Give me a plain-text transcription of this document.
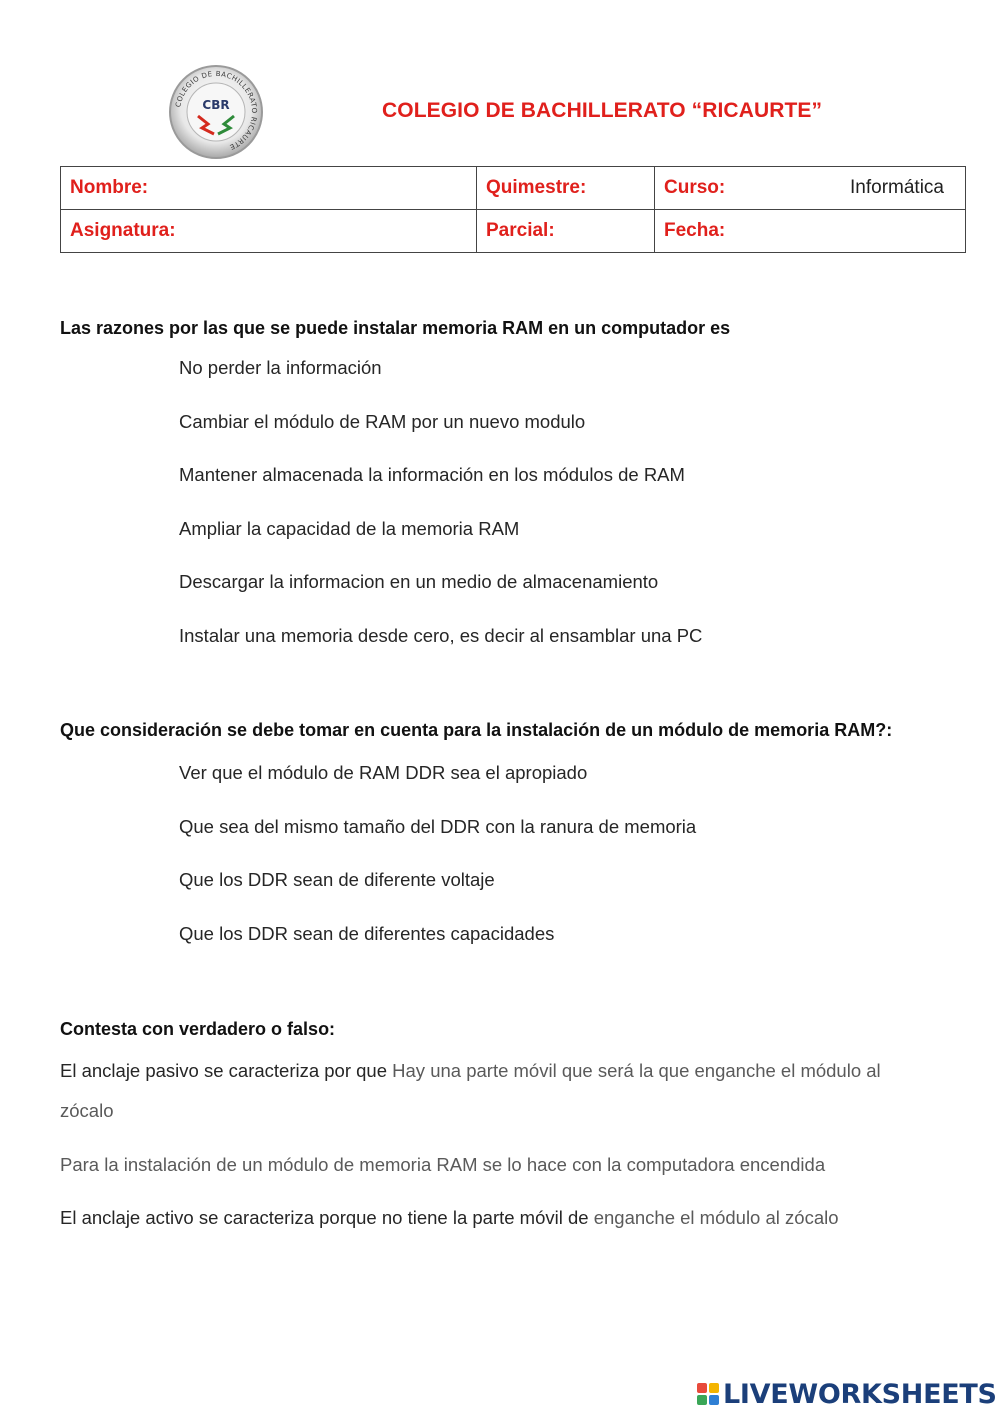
COLEGIO DE BACHILLERATO RICAURTE
CBR	COLEGIO DE BACHILLERATO “RICAURTE”
Nombre:	Quimestre:	Curso: Informática

Asignatura:	Parcial:	Fecha:
Las razones por las que se puede instalar memoria RAM en un computador es
No perder la información
Cambiar el módulo de RAM por un nuevo modulo
Mantener almacenada la información en los módulos de RAM
Ampliar la capacidad de la memoria RAM
Descargar la informacion en un medio de almacenamiento
Instalar una memoria desde cero, es decir al ensamblar una PC
Que consideración se debe tomar en cuenta para la instalación de un módulo de memoria RAM?:
Ver que el módulo de RAM DDR sea el apropiado
Que sea del mismo tamaño del DDR con la ranura de memoria
Que los DDR sean de diferente voltaje
Que los DDR sean de diferentes capacidades
Contesta con verdadero o falso:
El anclaje pasivo se caracteriza por que Hay una parte móvil que será la que enganche el módulo al
zócalo
Para la instalación de un módulo de memoria RAM se lo hace con la computadora encendida
El anclaje activo se caracteriza porque no tiene la parte móvil de enganche el módulo al zócalo
LIVEWORKSHEETS
